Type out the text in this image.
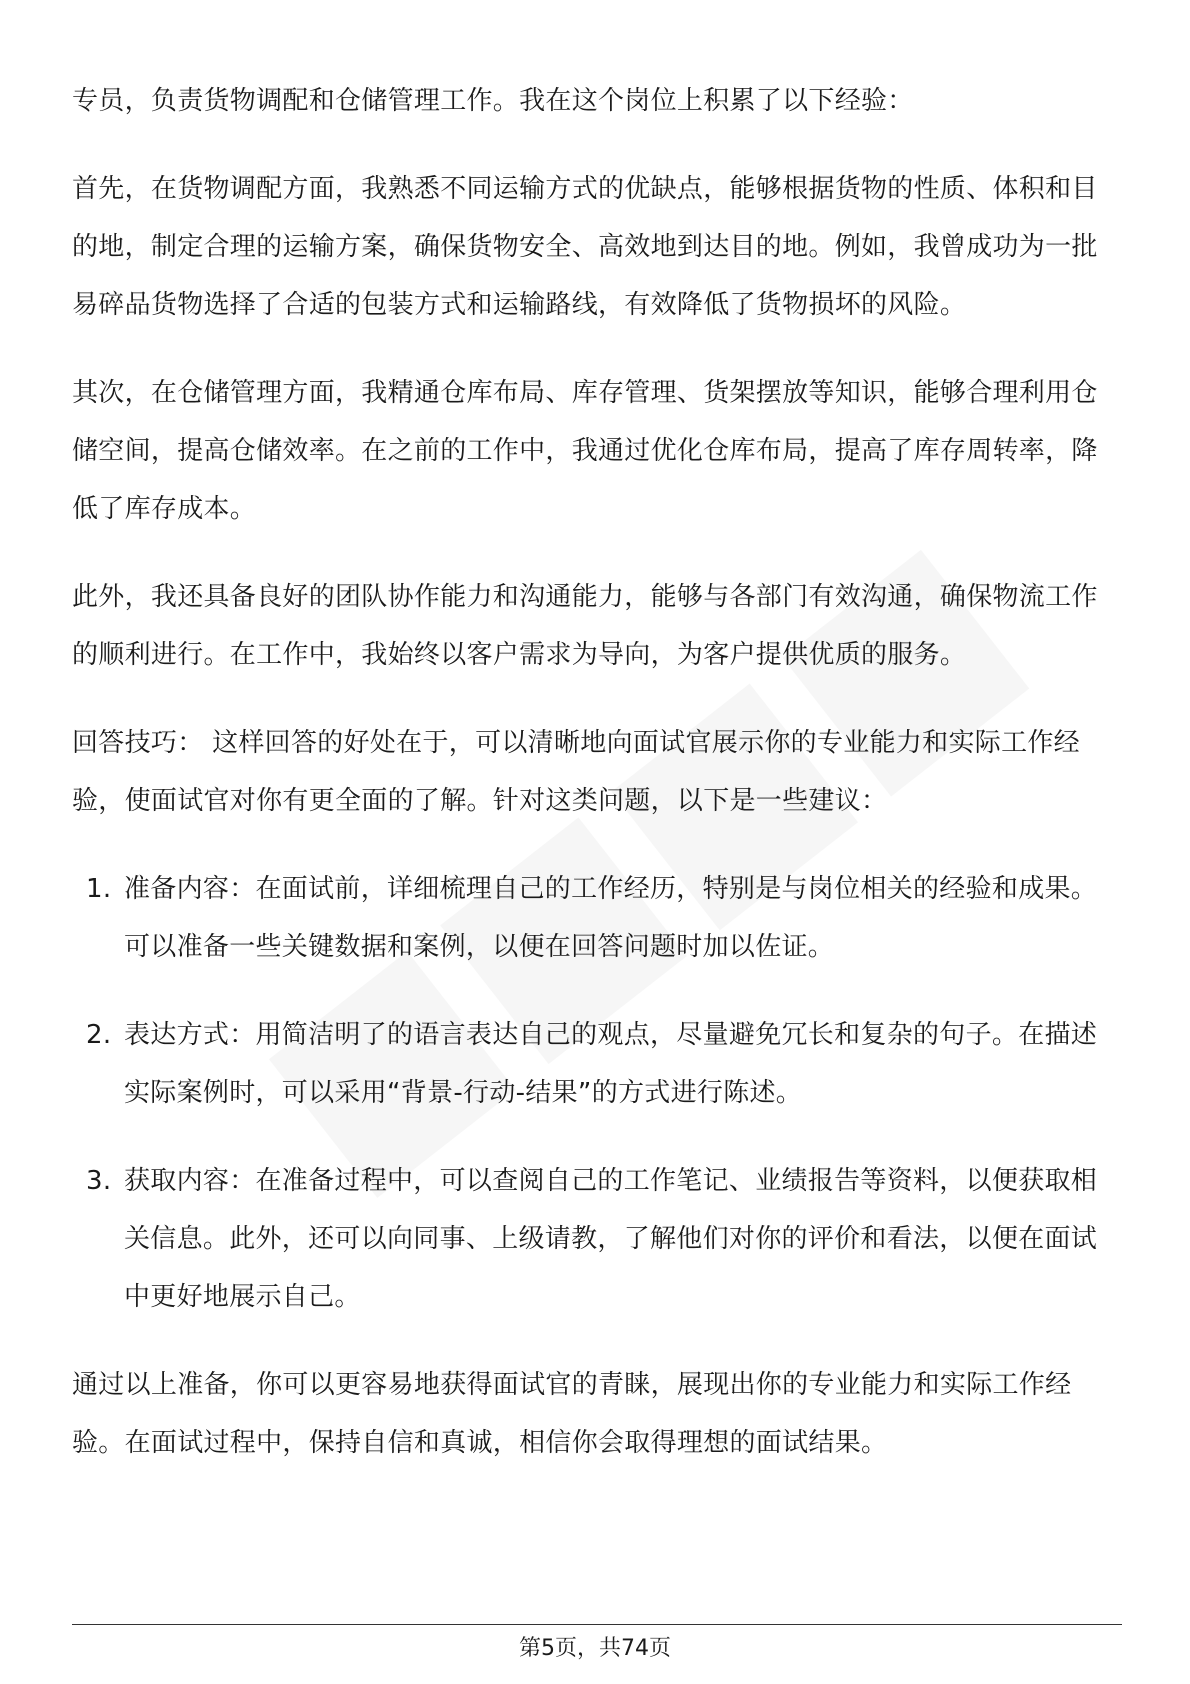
专员，负责货物调配和仓储管理工作。我在这个岗位上积累了以下经验：

首先，在货物调配方面，我熟悉不同运输方式的优缺点，能够根据货物的性质、体积和目的地，制定合理的运输方案，确保货物安全、高效地到达目的地。例如，我曾成功为一批易碎品货物选择了合适的包装方式和运输路线，有效降低了货物损坏的风险。

其次，在仓储管理方面，我精通仓库布局、库存管理、货架摆放等知识，能够合理利用仓储空间，提高仓储效率。在之前的工作中，我通过优化仓库布局，提高了库存周转率，降低了库存成本。

此外，我还具备良好的团队协作能力和沟通能力，能够与各部门有效沟通，确保物流工作的顺利进行。在工作中，我始终以客户需求为导向，为客户提供优质的服务。

回答技巧： 这样回答的好处在于，可以清晰地向面试官展示你的专业能力和实际工作经验，使面试官对你有更全面的了解。针对这类问题，以下是一些建议：

1. 准备内容：在面试前，详细梳理自己的工作经历，特别是与岗位相关的经验和成果。可以准备一些关键数据和案例，以便在回答问题时加以佐证。
2. 表达方式：用简洁明了的语言表达自己的观点，尽量避免冗长和复杂的句子。在描述实际案例时，可以采用“背景-行动-结果”的方式进行陈述。
3. 获取内容：在准备过程中，可以查阅自己的工作笔记、业绩报告等资料，以便获取相关信息。此外，还可以向同事、上级请教，了解他们对你的评价和看法，以便在面试中更好地展示自己。

通过以上准备，你可以更容易地获得面试官的青睐，展现出你的专业能力和实际工作经验。在面试过程中，保持自信和真诚，相信你会取得理想的面试结果。

第5页，共74页
